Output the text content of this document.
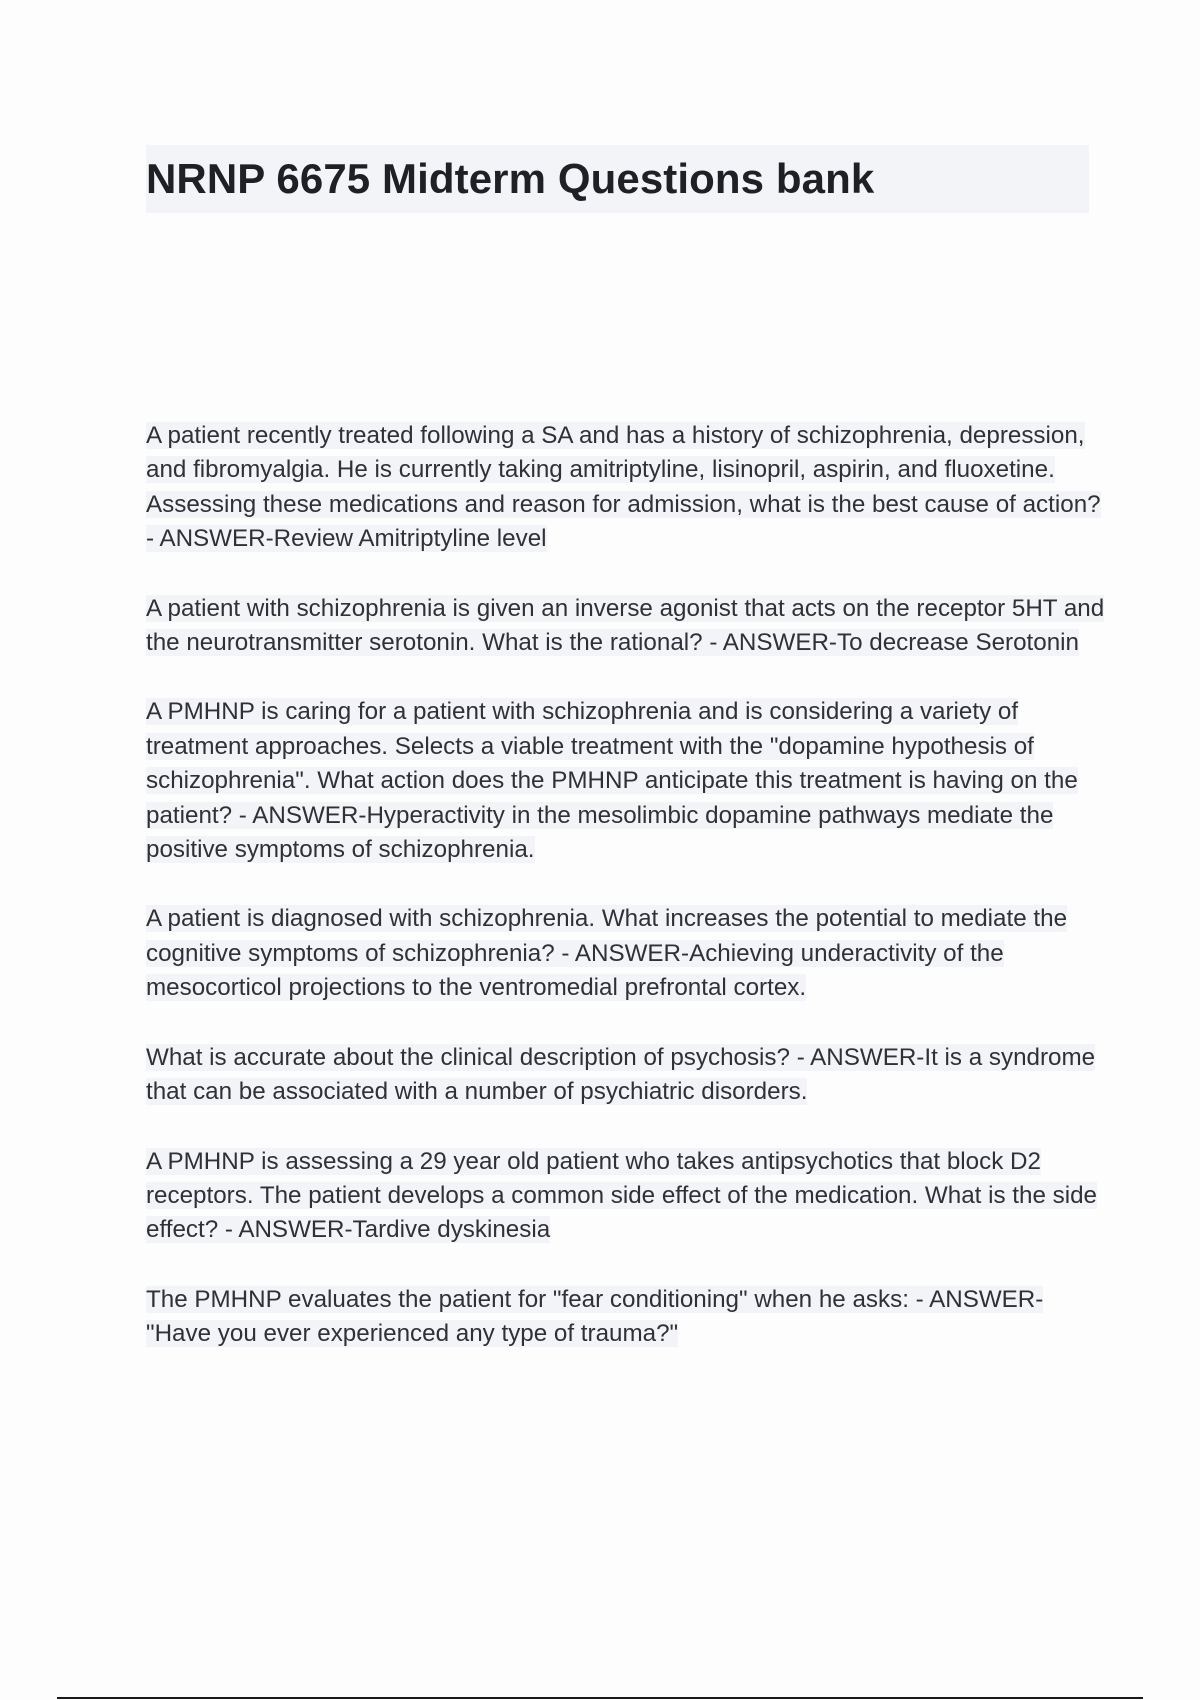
NRNP 6675 Midterm Questions bank

A patient recently treated following a SA and has a history of schizophrenia, depression, and fibromyalgia. He is currently taking amitriptyline, lisinopril, aspirin, and fluoxetine. Assessing these medications and reason for admission, what is the best cause of action? - ANSWER-Review Amitriptyline level

A patient with schizophrenia is given an inverse agonist that acts on the receptor 5HT and the neurotransmitter serotonin. What is the rational? - ANSWER-To decrease Serotonin

A PMHNP is caring for a patient with schizophrenia and is considering a variety of treatment approaches. Selects a viable treatment with the "dopamine hypothesis of schizophrenia". What action does the PMHNP anticipate this treatment is having on the patient? - ANSWER-Hyperactivity in the mesolimbic dopamine pathways mediate the positive symptoms of schizophrenia.

A patient is diagnosed with schizophrenia. What increases the potential to mediate the cognitive symptoms of schizophrenia? - ANSWER-Achieving underactivity of the mesocorticol projections to the ventromedial prefrontal cortex.

What is accurate about the clinical description of psychosis? - ANSWER-It is a syndrome that can be associated with a number of psychiatric disorders.

A PMHNP is assessing a 29 year old patient who takes antipsychotics that block D2 receptors. The patient develops a common side effect of the medication. What is the side effect? - ANSWER-Tardive dyskinesia

The PMHNP evaluates the patient for "fear conditioning" when he asks: - ANSWER-"Have you ever experienced any type of trauma?"
